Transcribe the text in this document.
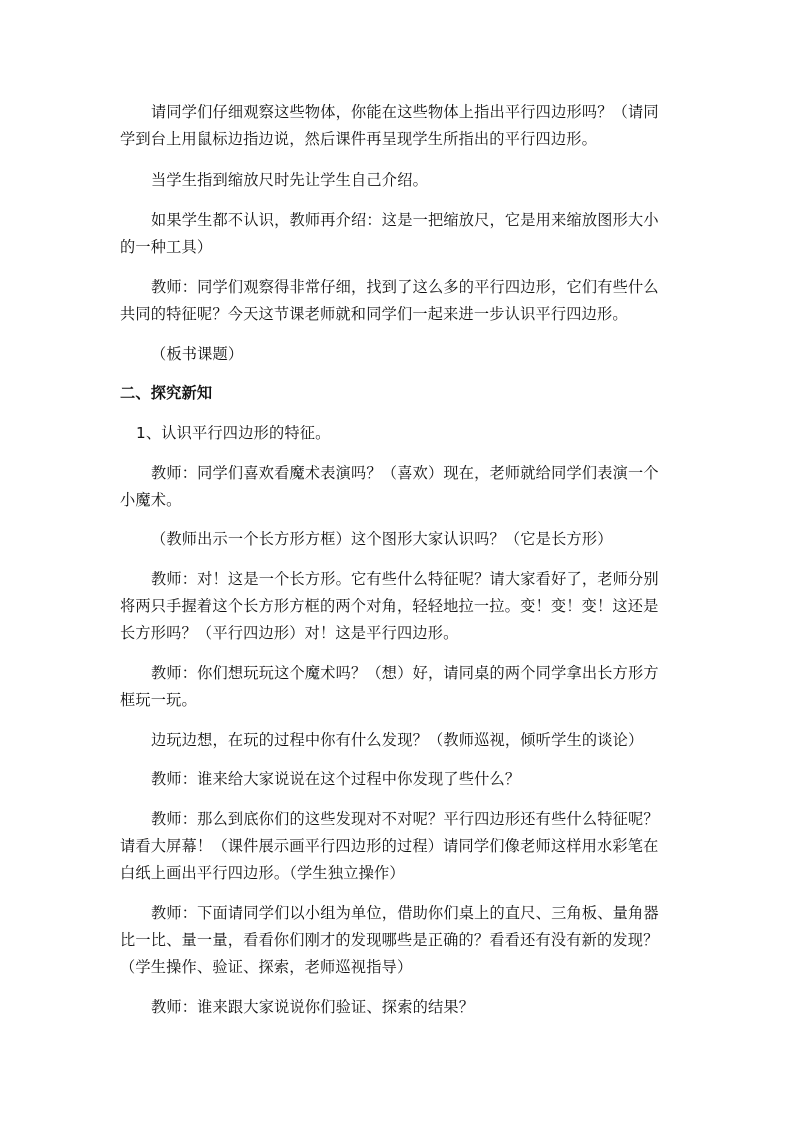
请同学们仔细观察这些物体，你能在这些物体上指出平行四边形吗？（请同
学到台上用鼠标边指边说，然后课件再呈现学生所指出的平行四边形。

当学生指到缩放尺时先让学生自己介绍。

如果学生都不认识，教师再介绍：这是一把缩放尺，它是用来缩放图形大小
的一种工具）

教师：同学们观察得非常仔细，找到了这么多的平行四边形，它们有些什么
共同的特征呢？今天这节课老师就和同学们一起来进一步认识平行四边形。

（板书课题）

二、探究新知

1、认识平行四边形的特征。

教师：同学们喜欢看魔术表演吗？（喜欢）现在，老师就给同学们表演一个
小魔术。

（教师出示一个长方形方框）这个图形大家认识吗？（它是长方形）

教师：对！这是一个长方形。它有些什么特征呢？请大家看好了，老师分别
将两只手握着这个长方形方框的两个对角，轻轻地拉一拉。变！变！变！这还是
长方形吗？（平行四边形）对！这是平行四边形。

教师：你们想玩玩这个魔术吗？（想）好，请同桌的两个同学拿出长方形方
框玩一玩。

边玩边想，在玩的过程中你有什么发现？（教师巡视，倾听学生的谈论）

教师：谁来给大家说说在这个过程中你发现了些什么？

教师：那么到底你们的这些发现对不对呢？平行四边形还有些什么特征呢？
请看大屏幕！（课件展示画平行四边形的过程）请同学们像老师这样用水彩笔在
白纸上画出平行四边形。（学生独立操作）

教师：下面请同学们以小组为单位，借助你们桌上的直尺、三角板、量角器
比一比、量一量，看看你们刚才的发现哪些是正确的？看看还有没有新的发现？
（学生操作、验证、探索，老师巡视指导）

教师：谁来跟大家说说你们验证、探索的结果？
